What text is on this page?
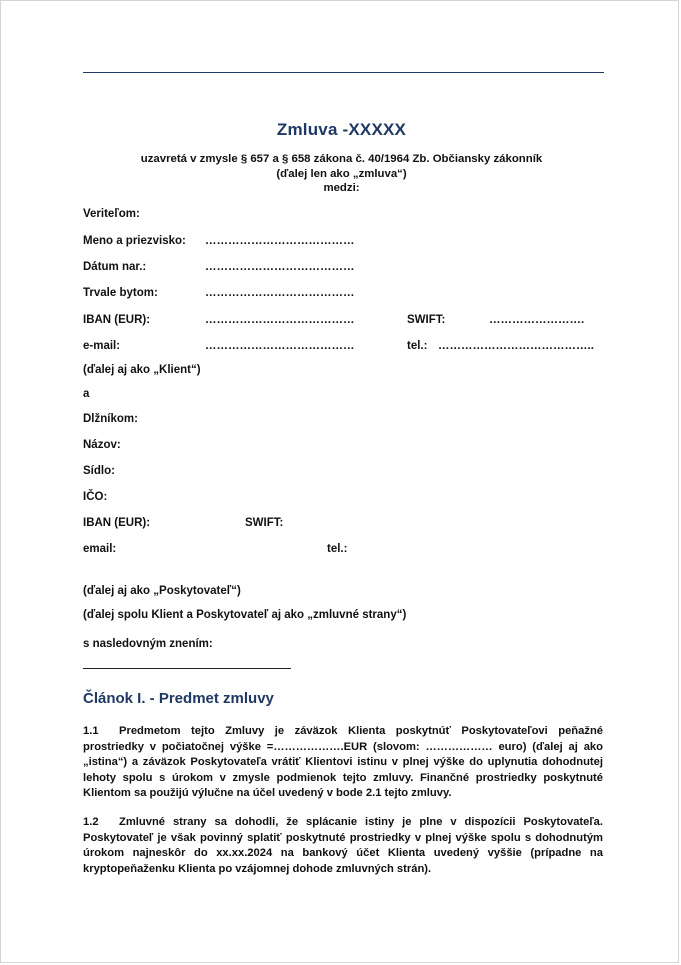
Zmluva -XXXXX
uzavretá v zmysle § 657 a § 658 zákona č. 40/1964 Zb. Občiansky zákonník
(ďalej len ako „zmluva“)
medzi:
Veriteľom:
Meno a priezvisko: …………………………………
Dátum nar.:	…………………………………
Trvale bytom:	…………………………………
IBAN (EUR):	…………………………………	SWIFT:	…………………….
e-mail:	…………………………………	tel.: …………………………………..
(ďalej aj ako „Klient“)
a
Dlžníkom:
Názov:
Sídlo:
IČO:
IBAN (EUR):	SWIFT:
email:	tel.:
(ďalej aj ako „Poskytovateľ“)
(ďalej spolu Klient a Poskytovateľ aj ako „zmluvné strany“)
s nasledovným znením:
Článok I. - Predmet zmluvy
1.1 Predmetom tejto Zmluvy je záväzok Klienta poskytnúť Poskytovateľovi peňažné prostriedky v počiatočnej výške =……………….EUR (slovom: ……………… euro) (ďalej aj ako „istina“) a záväzok Poskytovateľa vrátiť Klientovi istinu v plnej výške do uplynutia dohodnutej lehoty spolu s úrokom v zmysle podmienok tejto zmluvy. Finančné prostriedky poskytnuté Klientom sa použijú výlučne na účel uvedený v bode 2.1 tejto zmluvy.
1.2 Zmluvné strany sa dohodli, že splácanie istiny je plne v dispozícii Poskytovateľa. Poskytovateľ je však povinný splatiť poskytnuté prostriedky v plnej výške spolu s dohodnutým úrokom najneskôr do xx.xx.2024 na bankový účet Klienta uvedený vyššie (prípadne na kryptopeňaženku Klienta po vzájomnej dohode zmluvných strán).
